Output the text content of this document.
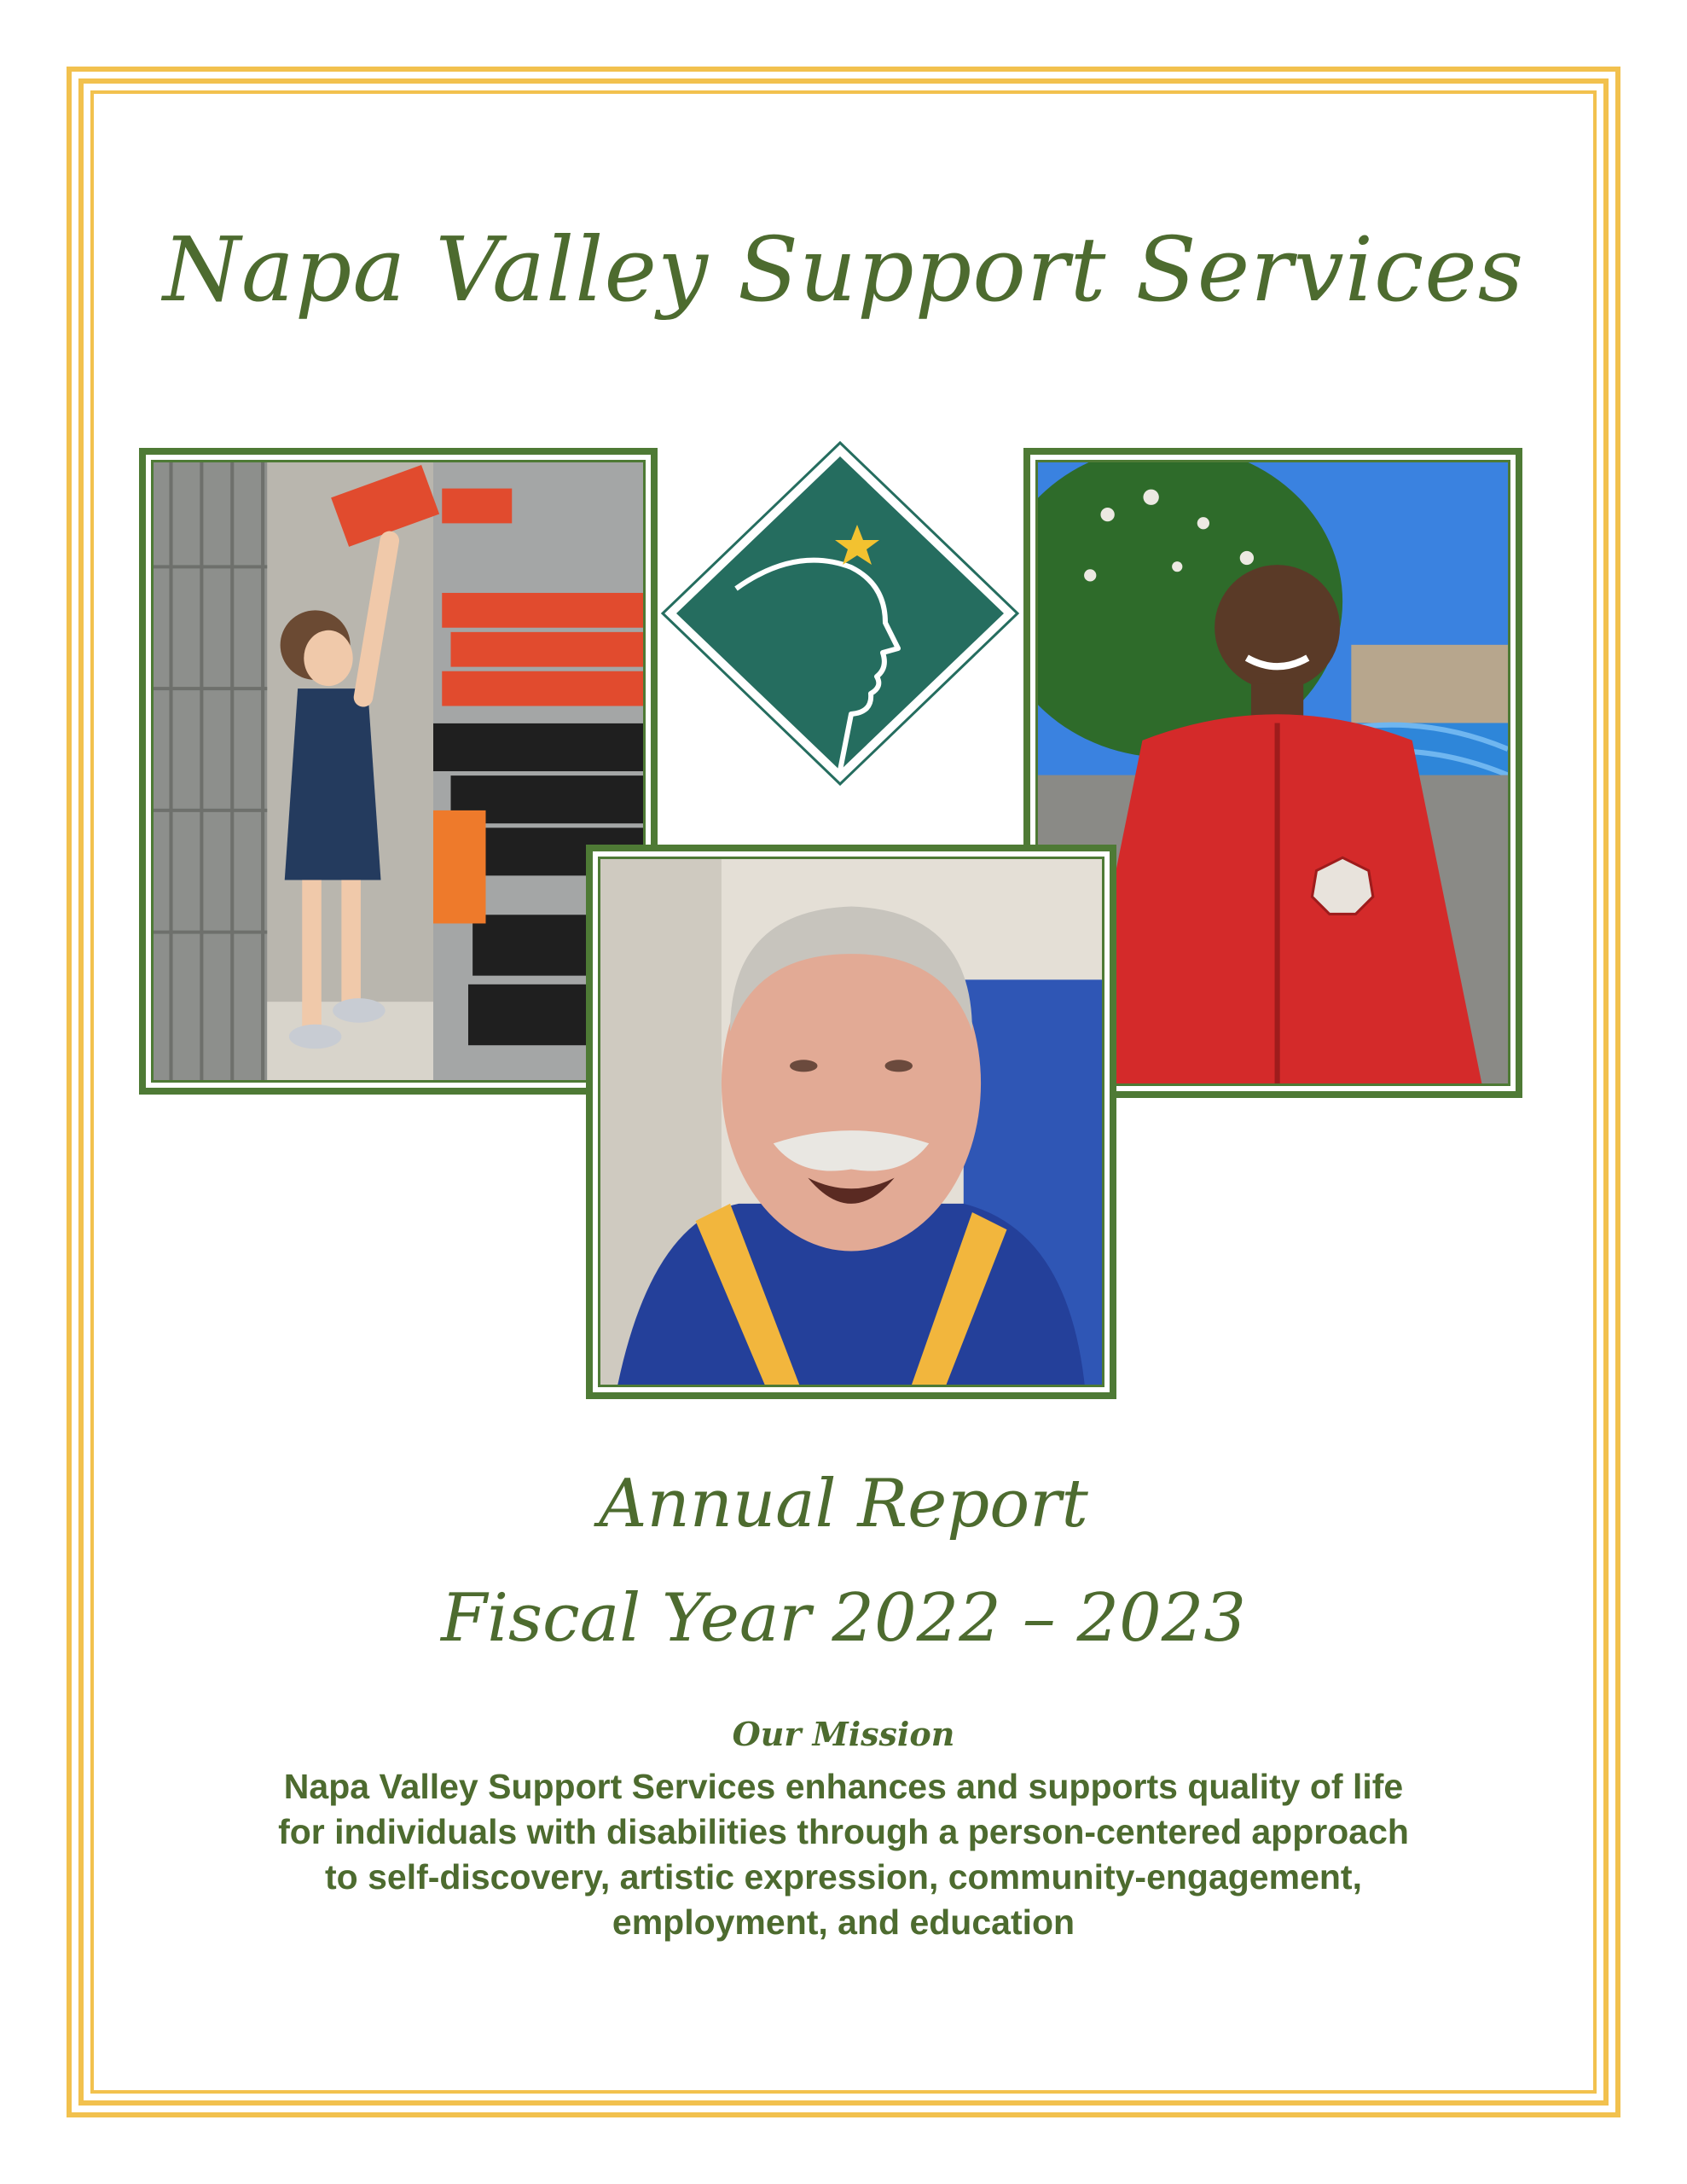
Napa Valley Support Services
Annual Report
Fiscal Year 2022 – 2023
Our Mission

Napa Valley Support Services enhances and supports quality of life
for individuals with disabilities through a person-centered approach
to self-discovery, artistic expression, community-engagement,
employment, and education
